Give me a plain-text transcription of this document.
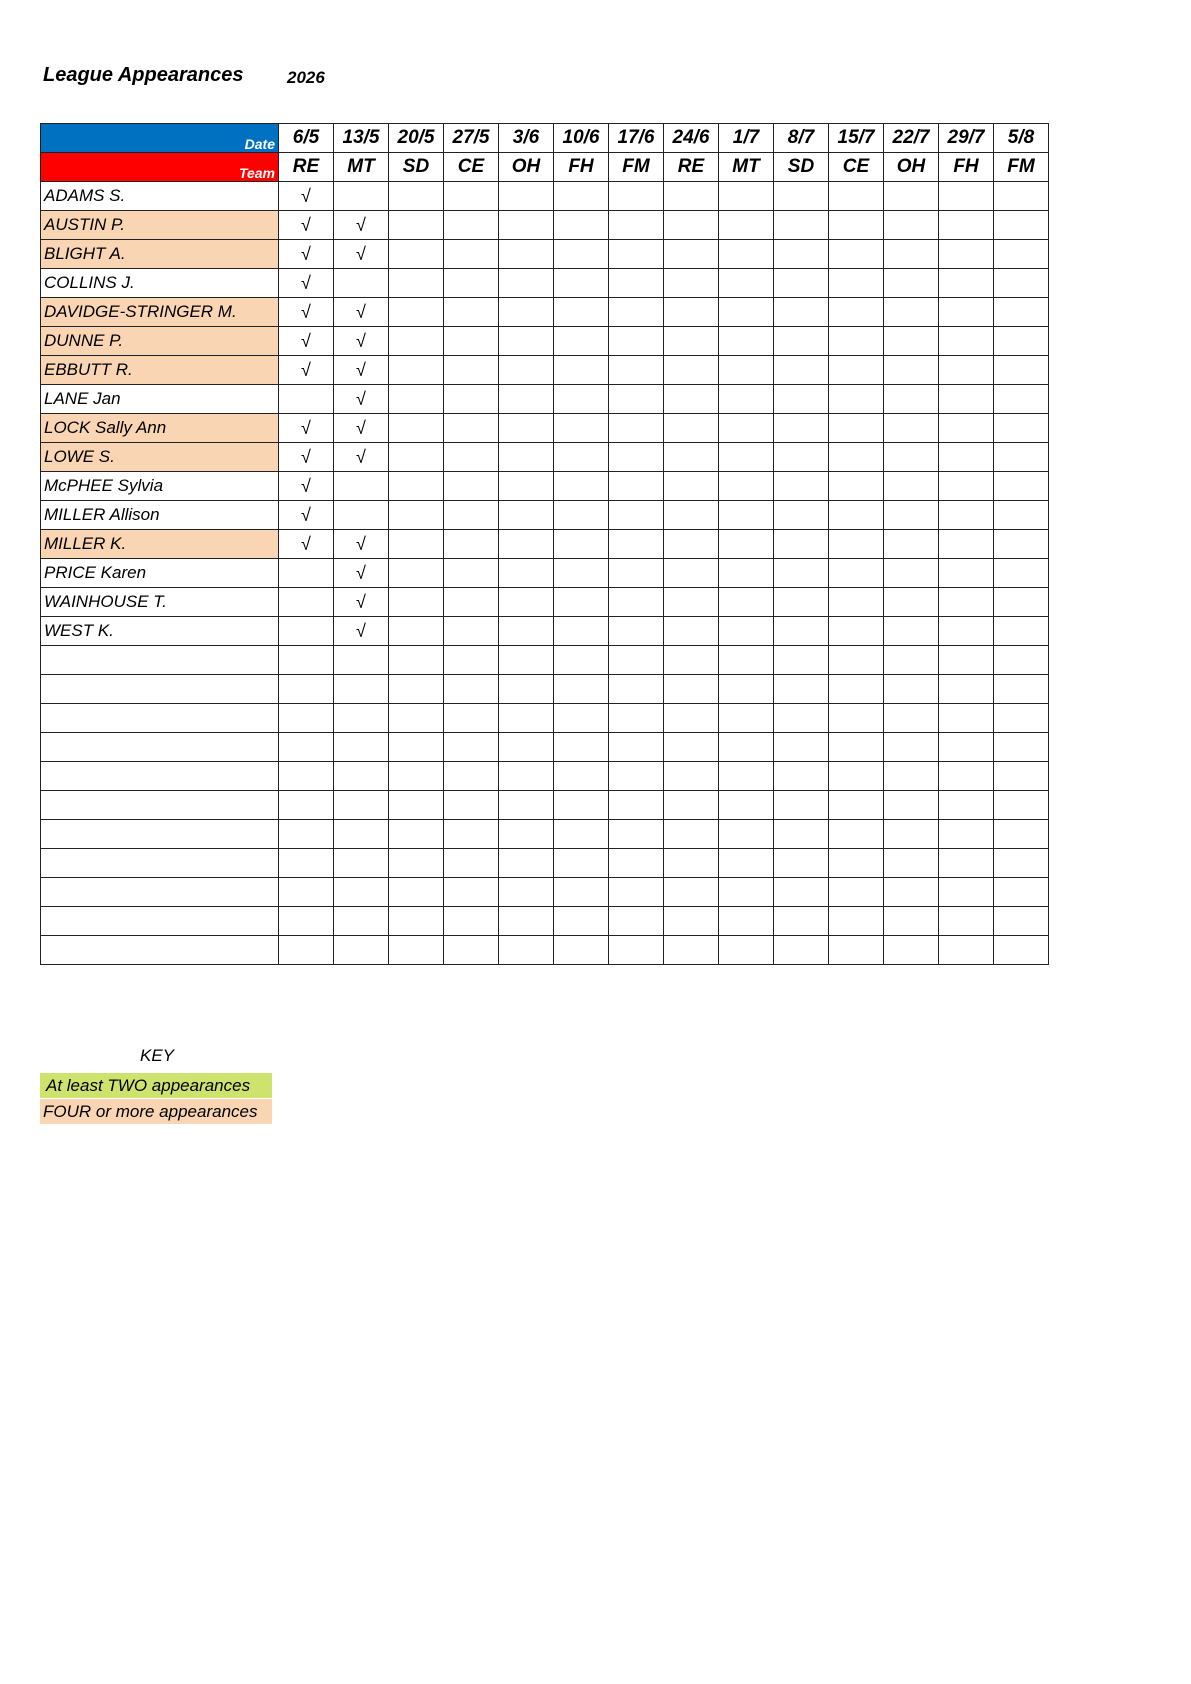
League Appearances	2026
Date	6/5	13/5	20/5	27/5	3/6	10/6	17/6	24/6	1/7	8/7	15/7	22/7	29/7	5/8
Team	RE	MT	SD	CE	OH	FH	FM	RE	MT	SD	CE	OH	FH	FM
ADAMS S.	√													
AUSTIN P.	√	√												
BLIGHT A.	√	√												
COLLINS J.	√													
DAVIDGE-STRINGER M.	√	√												
DUNNE P.	√	√												
EBBUTT R.	√	√												
LANE Jan		√												
LOCK Sally Ann	√	√												
LOWE S.	√	√												
McPHEE Sylvia	√													
MILLER Allison	√													
MILLER K.	√	√												
PRICE Karen		√												
WAINHOUSE T.		√												
WEST K.		√												

KEY
At least TWO appearances
FOUR or more appearances
